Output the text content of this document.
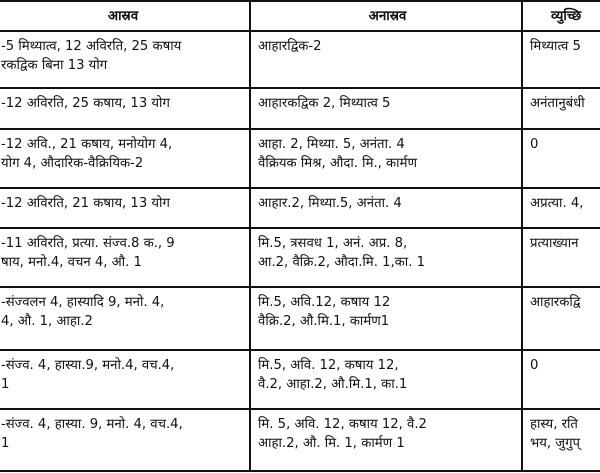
आस्रव	अनास्रव	व्युच्छि

-5 मिथ्यात्व, 12 अविरति, 25 कषाय
रकद्विक बिना 13 योग	आहारद्विक-2	मिथ्यात्व 5

-12 अविरति, 25 कषाय, 13 योग	आहारकद्विक 2, मिथ्यात्व 5	अनंतानुबंधी

-12 अवि., 21 कषाय, मनोयोग 4,
योग 4, औदारिक-वैक्रियिक-2	आहा. 2, मिथ्या. 5, अनंता. 4
वैक्रियक मिश्र, औदा. मि., कार्मण	0

-12 अविरति, 21 कषाय, 13 योग	आहार.2, मिथ्या.5, अनंता. 4	अप्रत्या. 4,

-11 अविरति, प्रत्या. संज्व.8 क., 9
षाय, मनो.4, वचन 4, औ. 1	मि.5, त्रसवध 1, अनं. अप्र. 8,
आ.2, वैक्रि.2, औदा.मि. 1,का. 1	प्रत्याख्यान

-संज्वलन 4, हास्यादि 9, मनो. 4,
4, औ. 1, आहा.2	मि.5, अवि.12, कषाय 12
वैक्रि.2, औ.मि.1, कार्मण1	आहारकद्वि

-संज्व. 4, हास्या.9, मनो.4, वच.4,
1	मि.5, अवि. 12, कषाय 12,
वै.2, आहा.2, औ.मि.1, का.1	0

-संज्व. 4, हास्या. 9, मनो. 4, वच.4,
1	मि. 5, अवि. 12, कषाय 12, वै.2
आहा.2, औ. मि. 1, कार्मण 1	हास्य, रति
भय, जुगुप्
